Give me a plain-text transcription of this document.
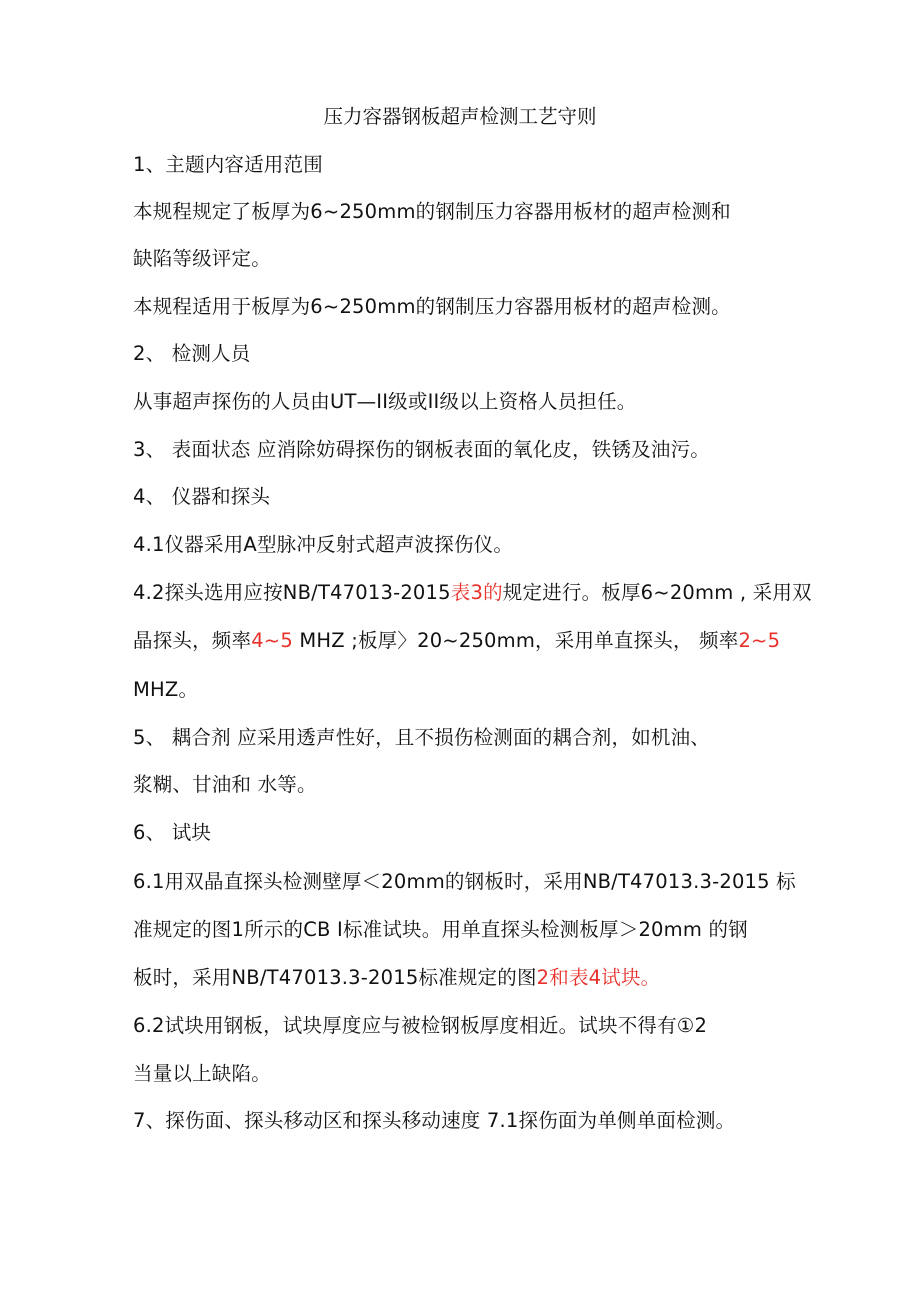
压力容器钢板超声检测工艺守则
1、主题内容适用范围
本规程规定了板厚为6~250mm的钢制压力容器用板材的超声检测和
缺陷等级评定。
本规程适用于板厚为6~250mm的钢制压力容器用板材的超声检测。
2、 检测人员
从事超声探伤的人员由UT—II级或II级以上资格人员担任。
3、 表面状态 应消除妨碍探伤的钢板表面的氧化皮，铁锈及油污。
4、 仪器和探头
4.1仪器采用A型脉冲反射式超声波探伤仪。
4.2探头选用应按NB/T47013-2015表3的规定进行。板厚6~20mm , 采用双
晶探头，频率4~5 MHZ ;板厚〉20~250mm，采用单直探头， 频率2~5
MHZ。
5、 耦合剂 应采用透声性好，且不损伤检测面的耦合剂，如机油、
浆糊、甘油和 水等。
6、 试块
6.1用双晶直探头检测壁厚＜20mm的钢板时，采用NB/T47013.3-2015 标
准规定的图1所示的CB I标准试块。用单直探头检测板厚＞20mm 的钢
板时，采用NB/T47013.3-2015标准规定的图2和表4试块。
6.2试块用钢板，试块厚度应与被检钢板厚度相近。试块不得有①2
当量以上缺陷。
7、探伤面、探头移动区和探头移动速度 7.1探伤面为单侧单面检测。
